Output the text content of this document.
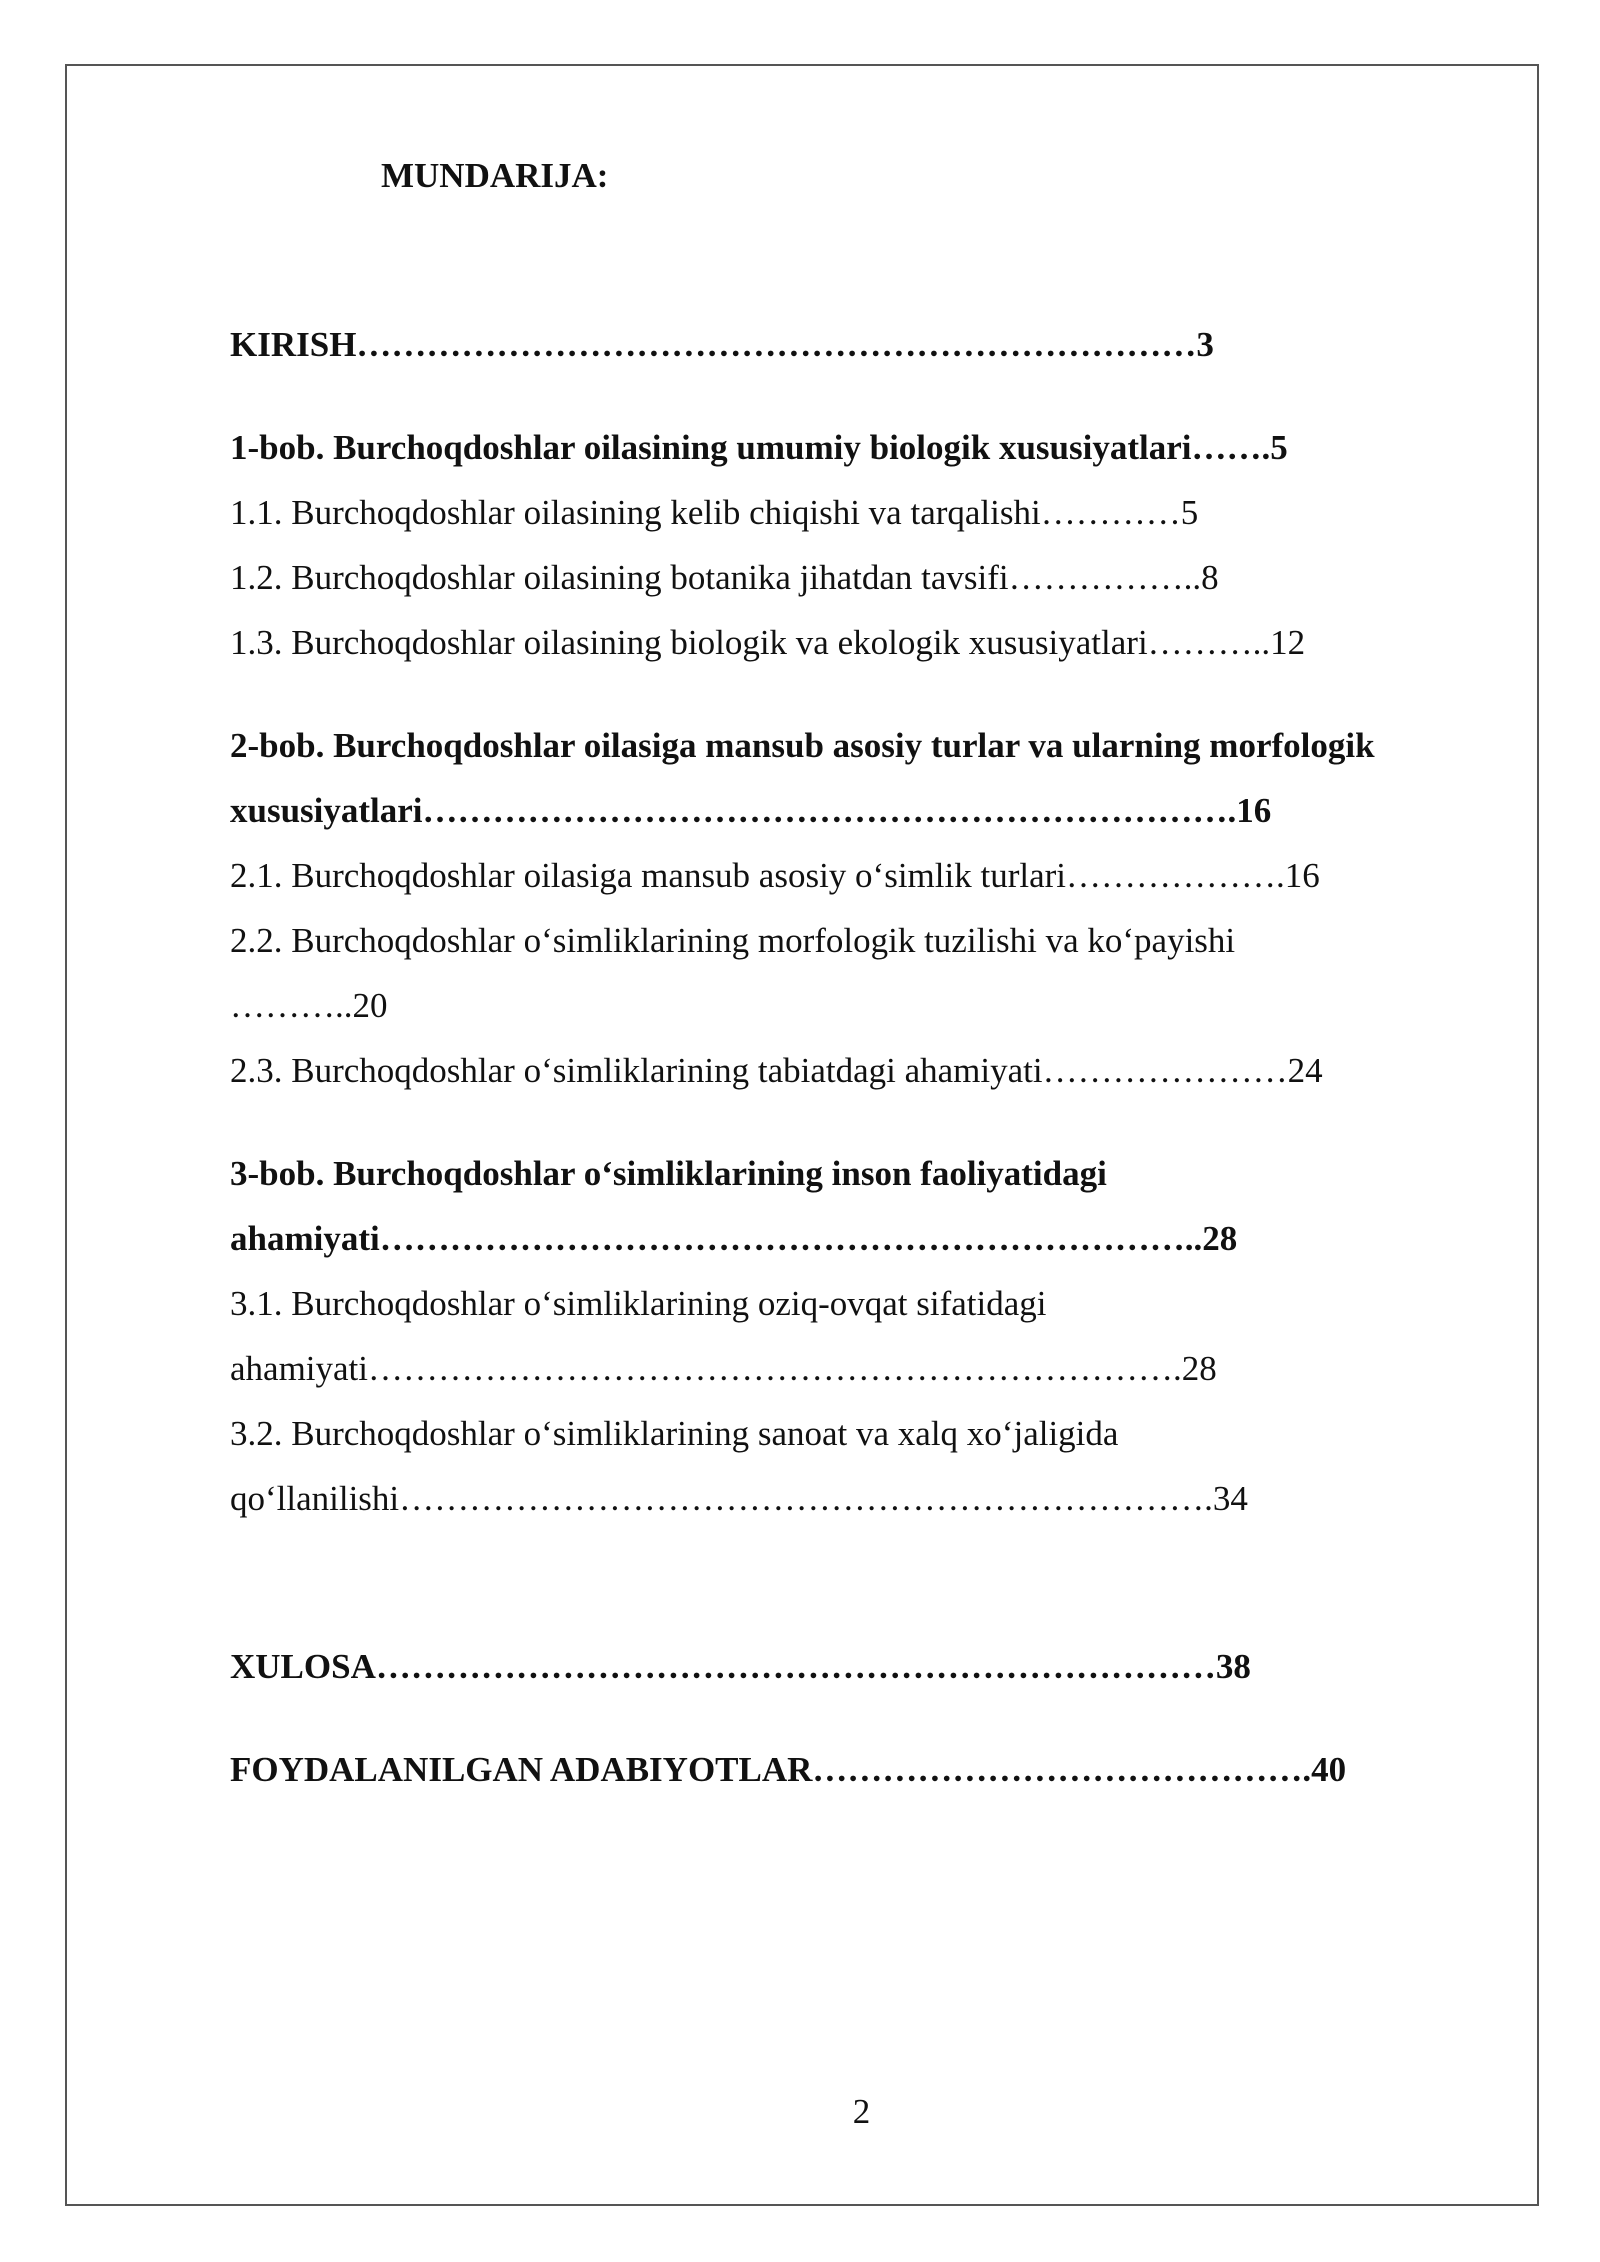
MUNDARIJA:
KIRISH………………………………………………………………3
1-bob. Burchoqdoshlar oilasining umumiy biologik xususiyatlari…….5
1.1. Burchoqdoshlar oilasining kelib chiqishi va tarqalishi…………5
1.2. Burchoqdoshlar oilasining botanika jihatdan tavsifi……………..8
1.3. Burchoqdoshlar oilasining biologik va ekologik xususiyatlari………..12
2-bob. Burchoqdoshlar oilasiga mansub asosiy turlar va ularning morfologik
xususiyatlari…………………………………………………………….16
2.1. Burchoqdoshlar oilasiga mansub asosiy o‘simlik turlari……………….16
2.2. Burchoqdoshlar o‘simliklarining morfologik tuzilishi va ko‘payishi
………..20
2.3. Burchoqdoshlar o‘simliklarining tabiatdagi ahamiyati…………………24
3-bob. Burchoqdoshlar o‘simliklarining inson faoliyatidagi
ahamiyati……………………………………………………………..28
3.1. Burchoqdoshlar o‘simliklarining oziq-ovqat sifatidagi
ahamiyati…………………………………………………………….28
3.2. Burchoqdoshlar o‘simliklarining sanoat va xalq xo‘jaligida
qo‘llanilishi…………………………………………………………….34
XULOSA………………………………………………………………38
FOYDALANILGAN ADABIYOTLAR…………………………………….40
2
